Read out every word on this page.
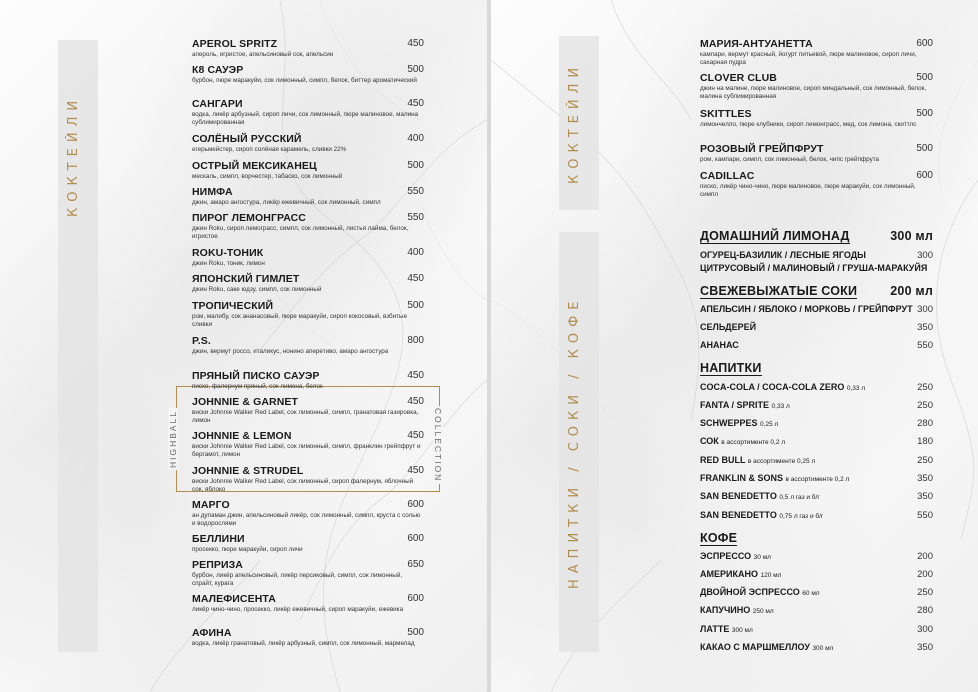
КОКТЕЙЛИ
HIGHBALL	COLLECTION
APEROL SPRITZ
апероль, игристое, апельсиновый сок, апельсин
450
К8 САУЭР
бурбон, пюре маракуйи, сок лимонный, симпл, белок, биттер ароматический
500
САНГАРИ
водка, ликёр арбузный, сироп личи, сок лимонный, пюре малиновое, малина сублимированная
450
СОЛЁНЫЙ РУССКИЙ
егерьмейстер, сироп солёная карамель, сливки 22%
400
ОСТРЫЙ МЕКСИКАНЕЦ
мескаль, симпл, ворчестер, табаско, сок лимонный
500
НИМФА
джин, амаро ангостура, ликёр ежевичный, сок лимонный, симпл
550
ПИРОГ ЛЕМОНГРАСС
джин Roku, сироп лемограсс, симпл, сок лимонный, листья лайма, белок, игристое
550
ROKU-ТОНИК
джин Roku, тоник, лимон
400
ЯПОНСКИЙ ГИМЛЕТ
джин Roku, саке юдзу, симпл, сок лимонный
450
ТРОПИЧЕСКИЙ
ром, малибу, сок ананасовый, пюре маракуйи, сироп кокосовый, взбитые сливки
500
P.S.
джин, вермут россо, италикус, нонино аперетиво, амаро ангостура
800
ПРЯНЫЙ ПИСКО САУЭР
писко, фалернум пряный, сок лимона, белок
450
JOHNNIE & GARNET
виски Johnnie Walker Red Label, сок лимонный, симпл, гранатовая газировка, лимон
450
JOHNNIE & LEMON
виски Johnnie Walker Red Label, сок лимонный, симпл, франклин грейпфрут и бергамот, лимон
450
JOHNNIE & STRUDEL
виски Johnnie Walker Red Label, сок лимонный, сироп фалернум, яблочный сок, яблоко
450
МАРГО
ан дупаман джин, апельсиновый ликёр, сок лимонный, симпл, круста с солью и водорослями
600
БЕЛЛИНИ
просекко, пюре маракуйи, сироп личи
600
РЕПРИЗА
бурбон, ликёр апельсиновый, ликёр персиковый, симпл, сок лимонный, спрайт, курага
650
МАЛЕФИСЕНТА
ликёр чино-чино, просекко, ликёр ежевичный, сироп маракуйи, ежевика
600
АФИНА
водка, ликёр гранатовый, ликёр арбузный, симпл, сок лимонный, мармелад
500
КОКТЕЙЛИ
НАПИТКИ / СОКИ / КОФЕ
МАРИЯ-АНТУАНЕТТА
кампари, вермут красный, йогурт питьевой, пюре малиновое, сироп личи, сахарная пудра
600
CLOVER CLUB
джин на малине, пюре малиновое, сироп миндальный, сок лимонный, белок, малина сублимированная
500
SKITTLES
лимончелло, пюре клубники, сироп лемонграсс, мед, сок лимона, скиттлс
500
РОЗОВЫЙ ГРЕЙПФРУТ
ром, кампари, симпл, сок лимонный, белок, чипс грейпфрута
500
CADILLAC
писко, ликёр чино-чино, пюре малиновое, пюре маракуйи, сок лимонный, симпл
600
ДОМАШНИЙ ЛИМОНАД	300 мл
ОГУРЕЦ-БАЗИЛИК / ЛЕСНЫЕ ЯГОДЫ	300
ЦИТРУСОВЫЙ / МАЛИНОВЫЙ / ГРУША-МАРАКУЙЯ
СВЕЖЕВЫЖАТЫЕ СОКИ	200 мл
АПЕЛЬСИН / ЯБЛОКО / МОРКОВЬ / ГРЕЙПФРУТ 300
СЕЛЬДЕРЕЙ	350
АНАНАС	550
НАПИТКИ
COCA-COLA / COCA-COLA ZERO 0,33 л	250
FANTA / SPRITE 0,33 л	250
SCHWEPPES 0,25 л	280
СОК в ассортименте 0,2 л	180
RED BULL в ассортименте 0,25 л	250
FRANKLIN & SONS в ассортименте 0,2 л	350
SAN BENEDETTO 0,5 л газ и б/г	350
SAN BENEDETTO 0,75 л газ и б/г	550
КОФЕ
ЭСПРЕССО 30 мл	200
АМЕРИКАНО 120 мл	200
ДВОЙНОЙ ЭСПРЕССО 60 мл	250
КАПУЧИНО 250 мл	280
ЛАТТЕ 300 мл	300
КАКАО С МАРШМЕЛЛОУ 300 мл	350
